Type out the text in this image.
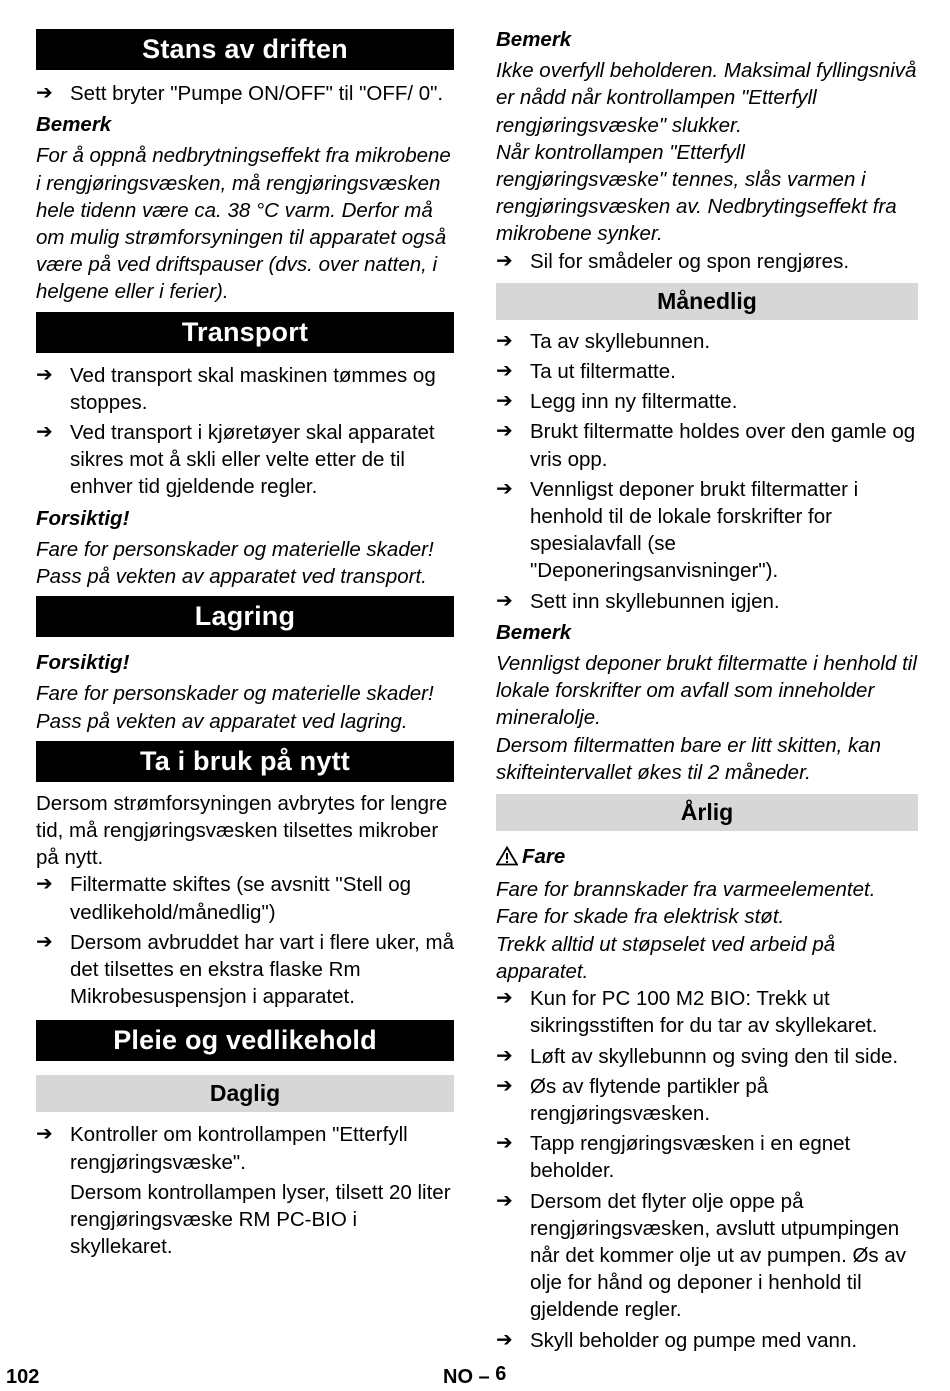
Stans av driften
➔ Sett bryter "Pumpe ON/OFF" til "OFF/ 0".
Bemerk
For å oppnå nedbrytningseffekt fra mikrobene i rengjøringsvæsken, må rengjøringsvæsken hele tidenn være ca. 38 °C varm. Derfor må om mulig strømforsyningen til apparatet også være på ved driftspauser (dvs. over natten, i helgene eller i ferier).
Transport
➔ Ved transport skal maskinen tømmes og stoppes.
➔ Ved transport i kjøretøyer skal apparatet sikres mot å skli eller velte etter de til enhver tid gjeldende regler.
Forsiktig!
Fare for personskader og materielle skader! Pass på vekten av apparatet ved transport.
Lagring
Forsiktig!
Fare for personskader og materielle skader! Pass på vekten av apparatet ved lagring.
Ta i bruk på nytt
Dersom strømforsyningen avbrytes for lengre tid, må rengjøringsvæsken tilsettes mikrober på nytt.
➔ Filtermatte skiftes (se avsnitt "Stell og vedlikehold/månedlig")
➔ Dersom avbruddet har vart i flere uker, må det tilsettes en ekstra flaske Rm Mikrobesuspensjon i apparatet.
Pleie og vedlikehold
Daglig
➔ Kontroller om kontrollampen "Etterfyll rengjøringsvæske".
Dersom kontrollampen lyser, tilsett 20 liter rengjøringsvæske RM PC-BIO i skyllekaret.
Bemerk
Ikke overfyll beholderen. Maksimal fyllingsnivå er nådd når kontrollampen "Etterfyll rengjøringsvæske" slukker.
Når kontrollampen "Etterfyll rengjøringsvæske" tennes, slås varmen i rengjøringsvæsken av. Nedbrytingseffekt fra mikrobene synker.
➔ Sil for smådeler og spon rengjøres.
Månedlig
➔ Ta av skyllebunnen.
➔ Ta ut filtermatte.
➔ Legg inn ny filtermatte.
➔ Brukt filtermatte holdes over den gamle og vris opp.
➔ Vennligst deponer brukt filtermatter i henhold til de lokale forskrifter for spesialavfall (se "Deponeringsanvisninger").
➔ Sett inn skyllebunnen igjen.
Bemerk
Vennligst deponer brukt filtermatte i henhold til lokale forskrifter om avfall som inneholder mineralolje.
Dersom filtermatten bare er litt skitten, kan skifteintervallet økes til 2 måneder.
Årlig
Fare
Fare for brannskader fra varmeelementet.
Fare for skade fra elektrisk støt.
Trekk alltid ut støpselet ved arbeid på apparatet.
➔ Kun for PC 100 M2 BIO: Trekk ut sikringsstiften for du tar av skyllekaret.
➔ Løft av skyllebunnn og sving den til side.
➔ Øs av flytende partikler på rengjøringsvæsken.
➔ Tapp rengjøringsvæsken i en egnet beholder.
➔ Dersom det flyter olje oppe på rengjøringsvæsken, avslutt utpumpingen når det kommer olje ut av pumpen. Øs av olje for hånd og deponer i henhold til gjeldende regler.
➔ Skyll beholder og pumpe med vann.
102	NO – 6
